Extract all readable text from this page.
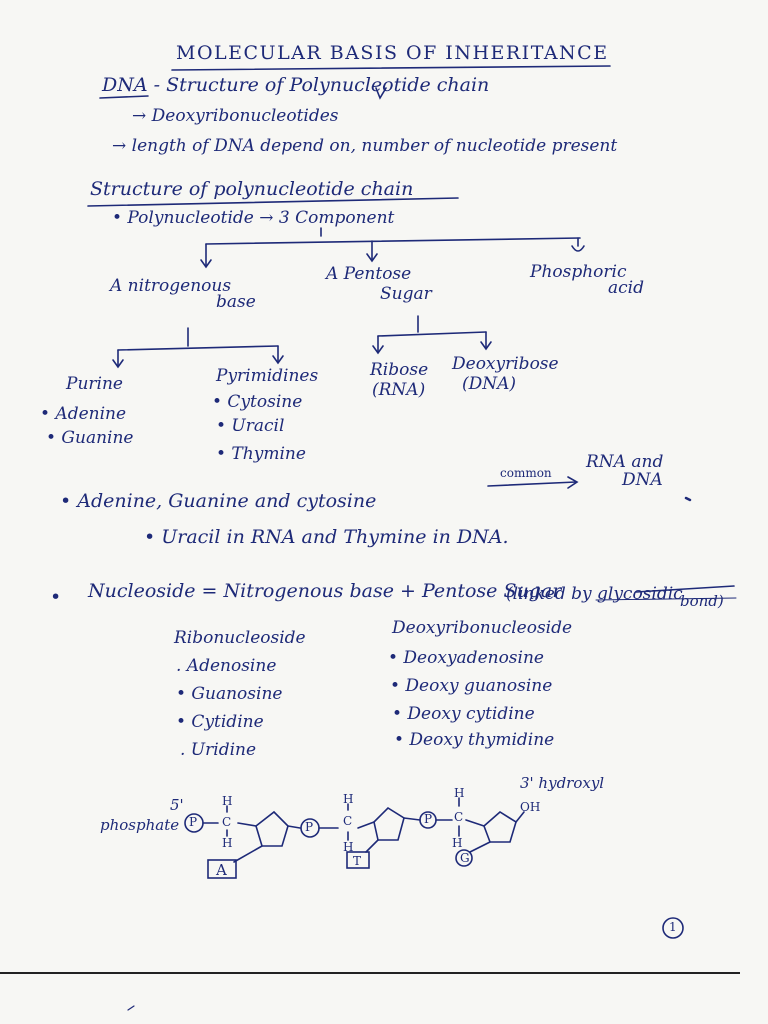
MOLECULAR BASIS OF INHERITANCE
DNA - Structure of Polynucleotide chain
→ Deoxyribonucleotides
→ length of DNA depend on, number of nucleotide present
Structure of polynucleotide chain
• Polynucleotide → 3 Component
A nitrogenous
base
A Pentose
Sugar
Phosphoric
acid
Purine
• Adenine
• Guanine
Pyrimidines
• Cytosine
• Uracil
• Thymine
Ribose
(RNA)
Deoxyribose
(DNA)
• Adenine, Guanine and cytosine
common
RNA and
DNA
• Uracil in RNA and Thymine in DNA.
• Nucleoside = Nitrogenous base + Pentose Sugar
(linked by glycosidic
bond)
Ribonucleoside
. Adenosine
• Guanosine
• Cytidine
. Uridine
Deoxyribonucleoside
• Deoxyadenosine
• Deoxy guanosine
• Deoxy cytidine
• Deoxy thymidine
5'
phosphate P	P
P
H
C
H
H
C
H
H
C
H
3' hydroxyl
OH
A	T	G
1
